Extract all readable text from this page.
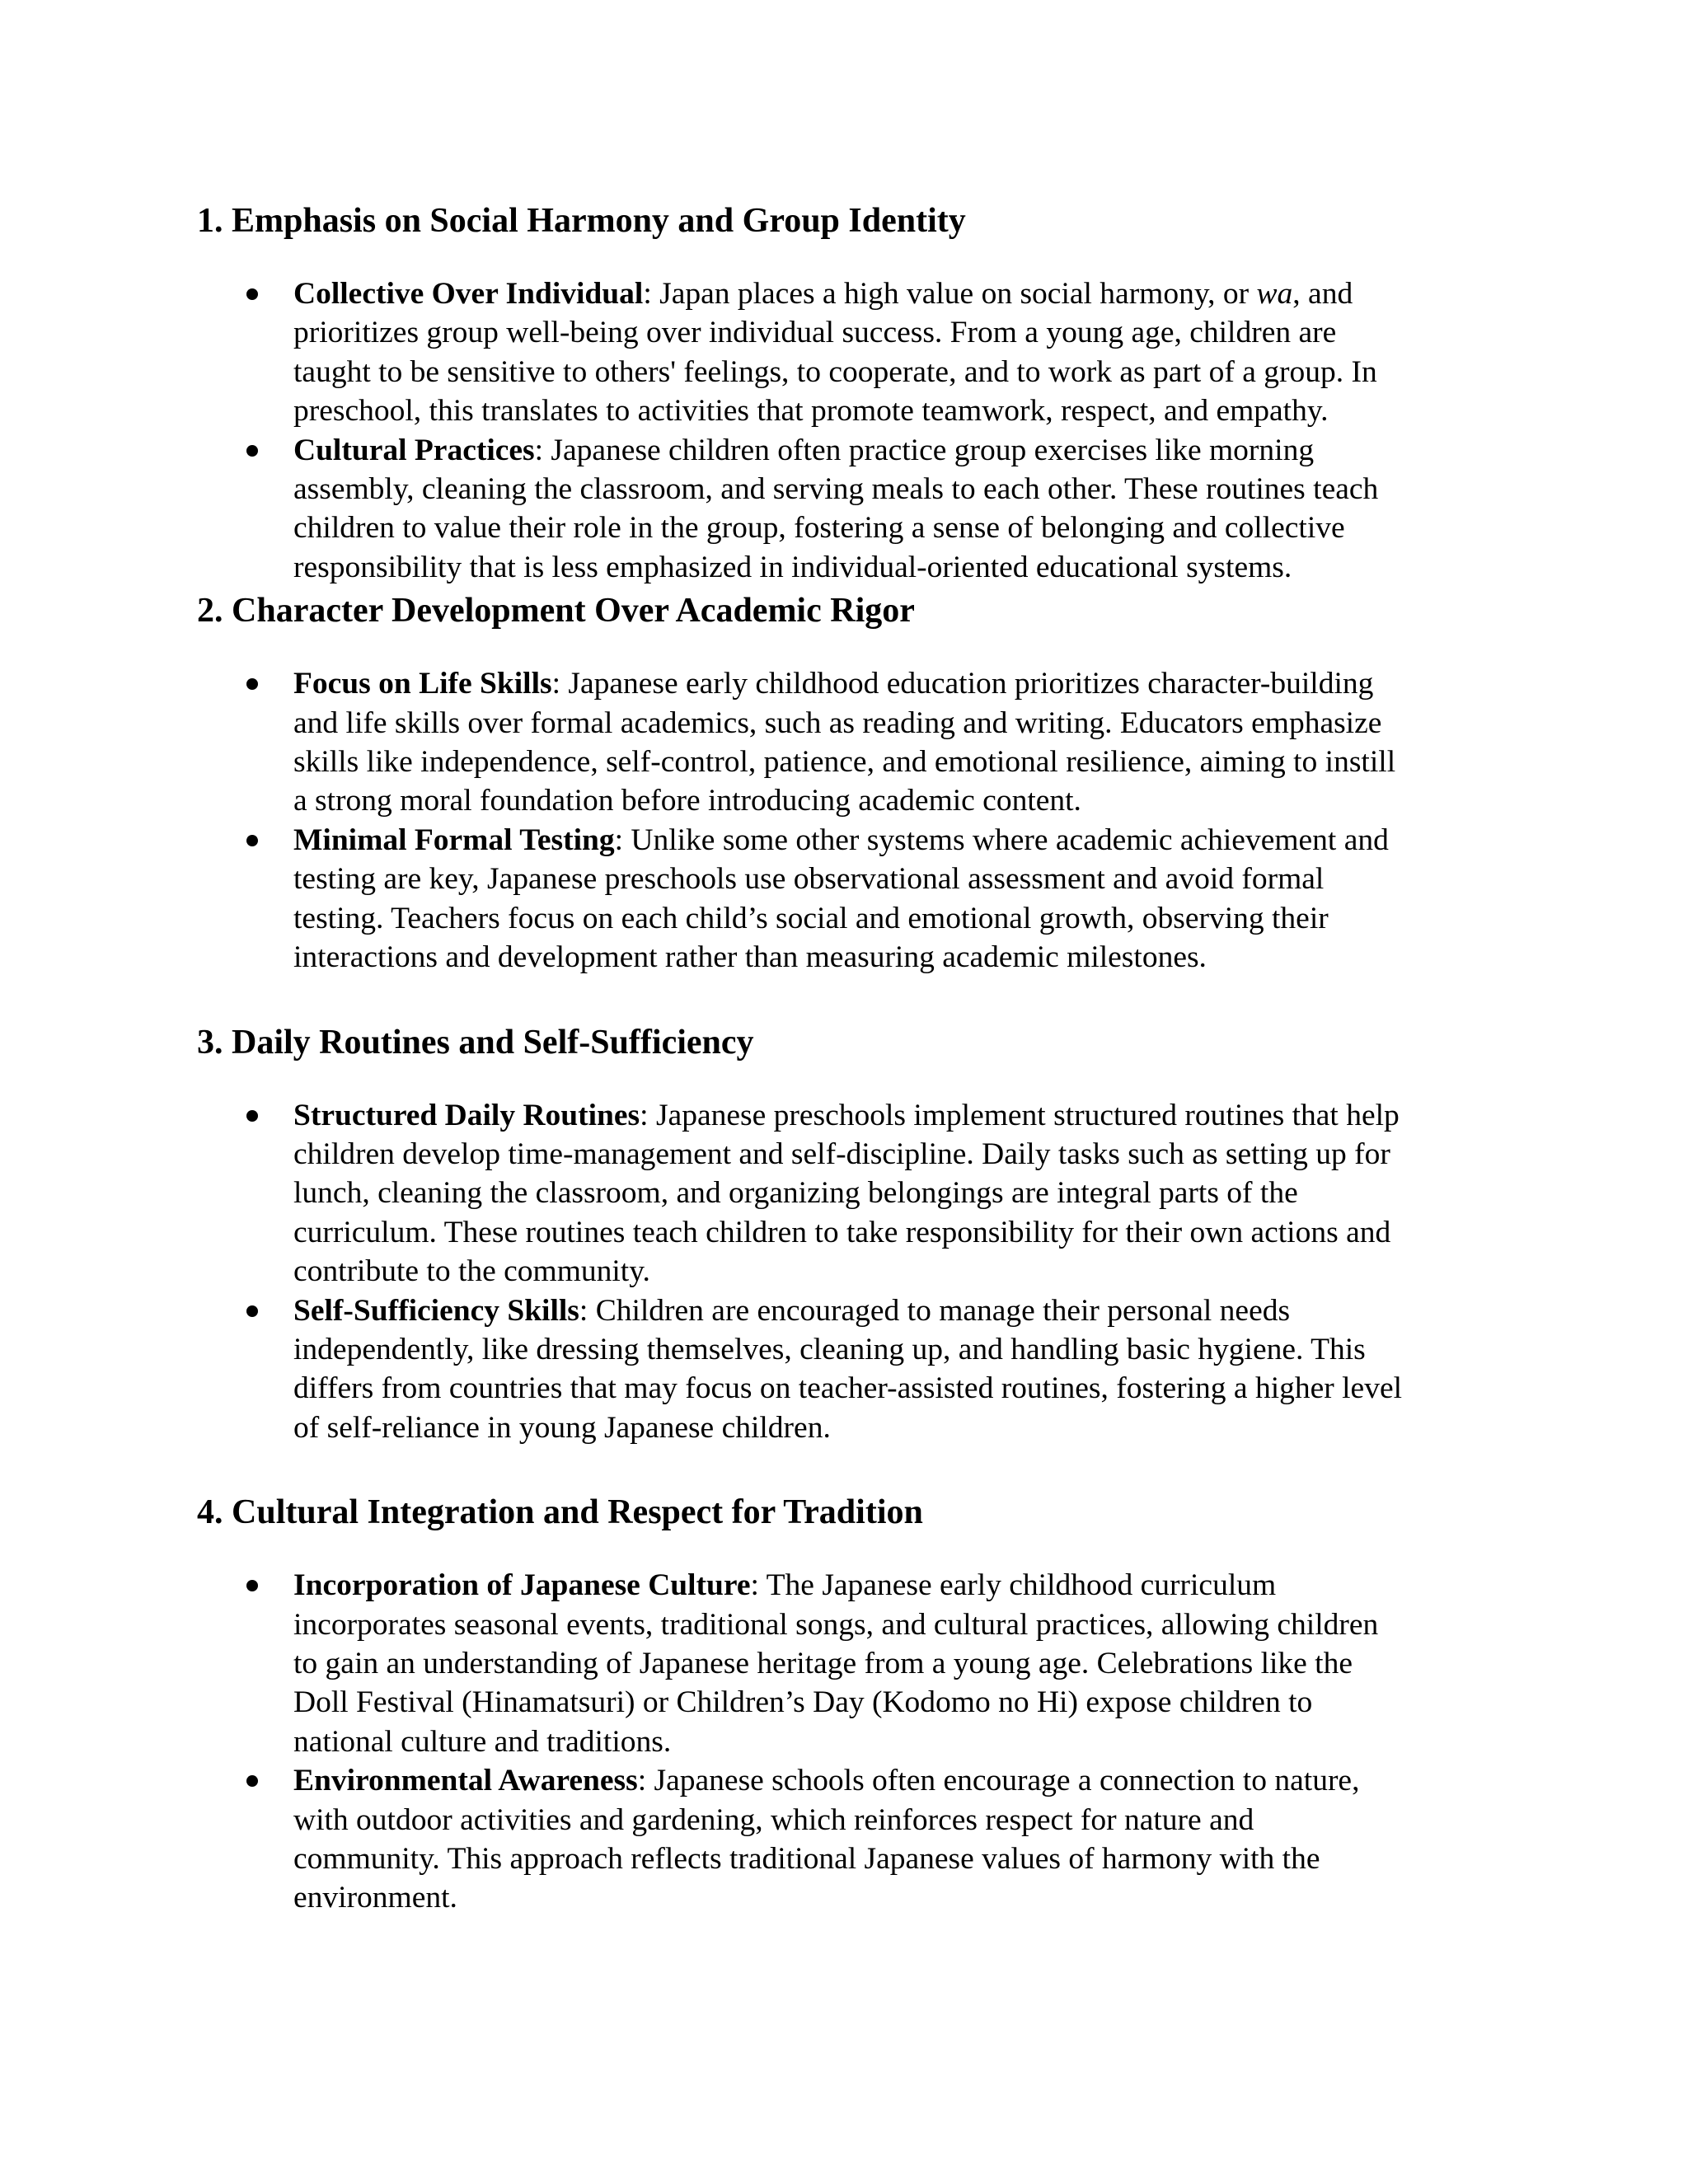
1. Emphasis on Social Harmony and Group Identity
Collective Over Individual: Japan places a high value on social harmony, or wa, and
prioritizes group well-being over individual success. From a young age, children are
taught to be sensitive to others' feelings, to cooperate, and to work as part of a group. In
preschool, this translates to activities that promote teamwork, respect, and empathy.
Cultural Practices: Japanese children often practice group exercises like morning
assembly, cleaning the classroom, and serving meals to each other. These routines teach
children to value their role in the group, fostering a sense of belonging and collective
responsibility that is less emphasized in individual-oriented educational systems.
2. Character Development Over Academic Rigor
Focus on Life Skills: Japanese early childhood education prioritizes character-building
and life skills over formal academics, such as reading and writing. Educators emphasize
skills like independence, self-control, patience, and emotional resilience, aiming to instill
a strong moral foundation before introducing academic content.
Minimal Formal Testing: Unlike some other systems where academic achievement and
testing are key, Japanese preschools use observational assessment and avoid formal
testing. Teachers focus on each child’s social and emotional growth, observing their
interactions and development rather than measuring academic milestones.
3. Daily Routines and Self-Sufficiency
Structured Daily Routines: Japanese preschools implement structured routines that help
children develop time-management and self-discipline. Daily tasks such as setting up for
lunch, cleaning the classroom, and organizing belongings are integral parts of the
curriculum. These routines teach children to take responsibility for their own actions and
contribute to the community.
Self-Sufficiency Skills: Children are encouraged to manage their personal needs
independently, like dressing themselves, cleaning up, and handling basic hygiene. This
differs from countries that may focus on teacher-assisted routines, fostering a higher level
of self-reliance in young Japanese children.
4. Cultural Integration and Respect for Tradition
Incorporation of Japanese Culture: The Japanese early childhood curriculum
incorporates seasonal events, traditional songs, and cultural practices, allowing children
to gain an understanding of Japanese heritage from a young age. Celebrations like the
Doll Festival (Hinamatsuri) or Children’s Day (Kodomo no Hi) expose children to
national culture and traditions.
Environmental Awareness: Japanese schools often encourage a connection to nature,
with outdoor activities and gardening, which reinforces respect for nature and
community. This approach reflects traditional Japanese values of harmony with the
environment.
